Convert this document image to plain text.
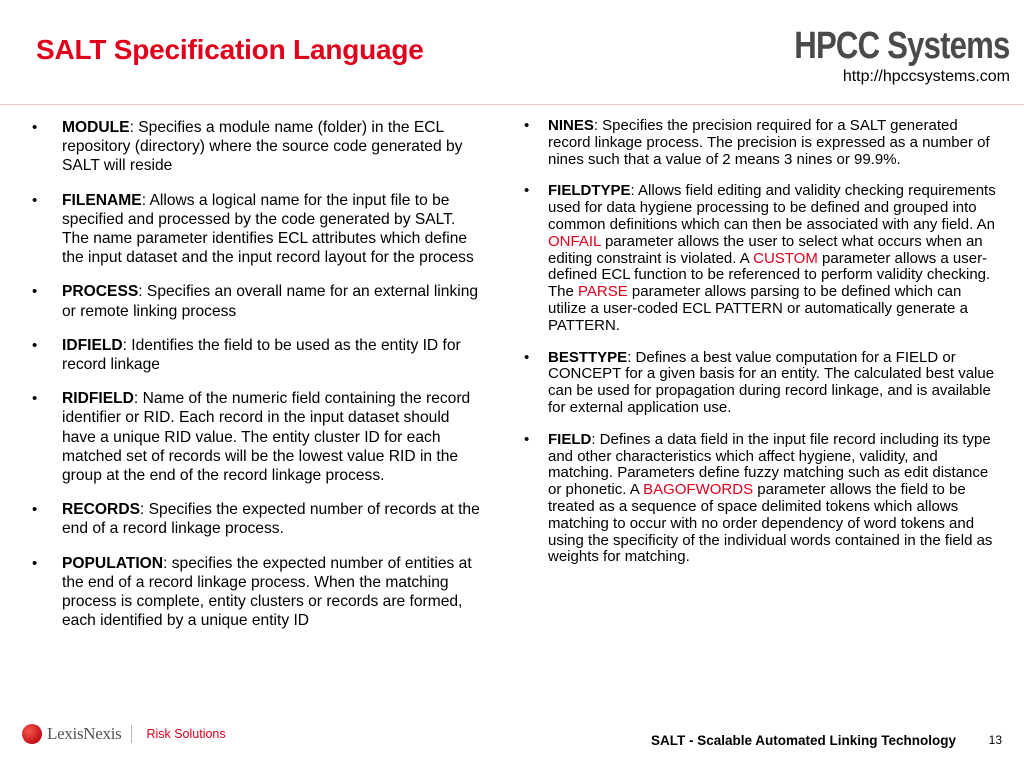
SALT Specification Language	HPCC Systems
http://hpccsystems.com
• MODULE: Specifies a module name (folder) in the ECL repository (directory) where the source code generated by SALT will reside
• FILENAME: Allows a logical name for the input file to be specified and processed by the code generated by SALT. The name parameter identifies ECL attributes which define the input dataset and the input record layout for the process
• PROCESS: Specifies an overall name for an external linking or remote linking process
• IDFIELD: Identifies the field to be used as the entity ID for record linkage
• RIDFIELD: Name of the numeric field containing the record identifier or RID. Each record in the input dataset should have a unique RID value. The entity cluster ID for each matched set of records will be the lowest value RID in the group at the end of the record linkage process.
• RECORDS: Specifies the expected number of records at the end of a record linkage process.
• POPULATION: specifies the expected number of entities at the end of a record linkage process. When the matching process is complete, entity clusters or records are formed, each identified by a unique entity ID
• NINES: Specifies the precision required for a SALT generated record linkage process. The precision is expressed as a number of nines such that a value of 2 means 3 nines or 99.9%.
• FIELDTYPE: Allows field editing and validity checking requirements used for data hygiene processing to be defined and grouped into common definitions which can then be associated with any field. An ONFAIL parameter allows the user to select what occurs when an editing constraint is violated. A CUSTOM parameter allows a user-defined ECL function to be referenced to perform validity checking. The PARSE parameter allows parsing to be defined which can utilize a user-coded ECL PATTERN or automatically generate a PATTERN.
• BESTTYPE: Defines a best value computation for a FIELD or CONCEPT for a given basis for an entity. The calculated best value can be used for propagation during record linkage, and is available for external application use.
• FIELD: Defines a data field in the input file record including its type and other characteristics which affect hygiene, validity, and matching. Parameters define fuzzy matching such as edit distance or phonetic. A BAGOFWORDS parameter allows the field to be treated as a sequence of space delimited tokens which allows matching to occur with no order dependency of word tokens and using the specificity of the individual words contained in the field as weights for matching.
LexisNexis Risk Solutions	SALT - Scalable Automated Linking Technology	13
